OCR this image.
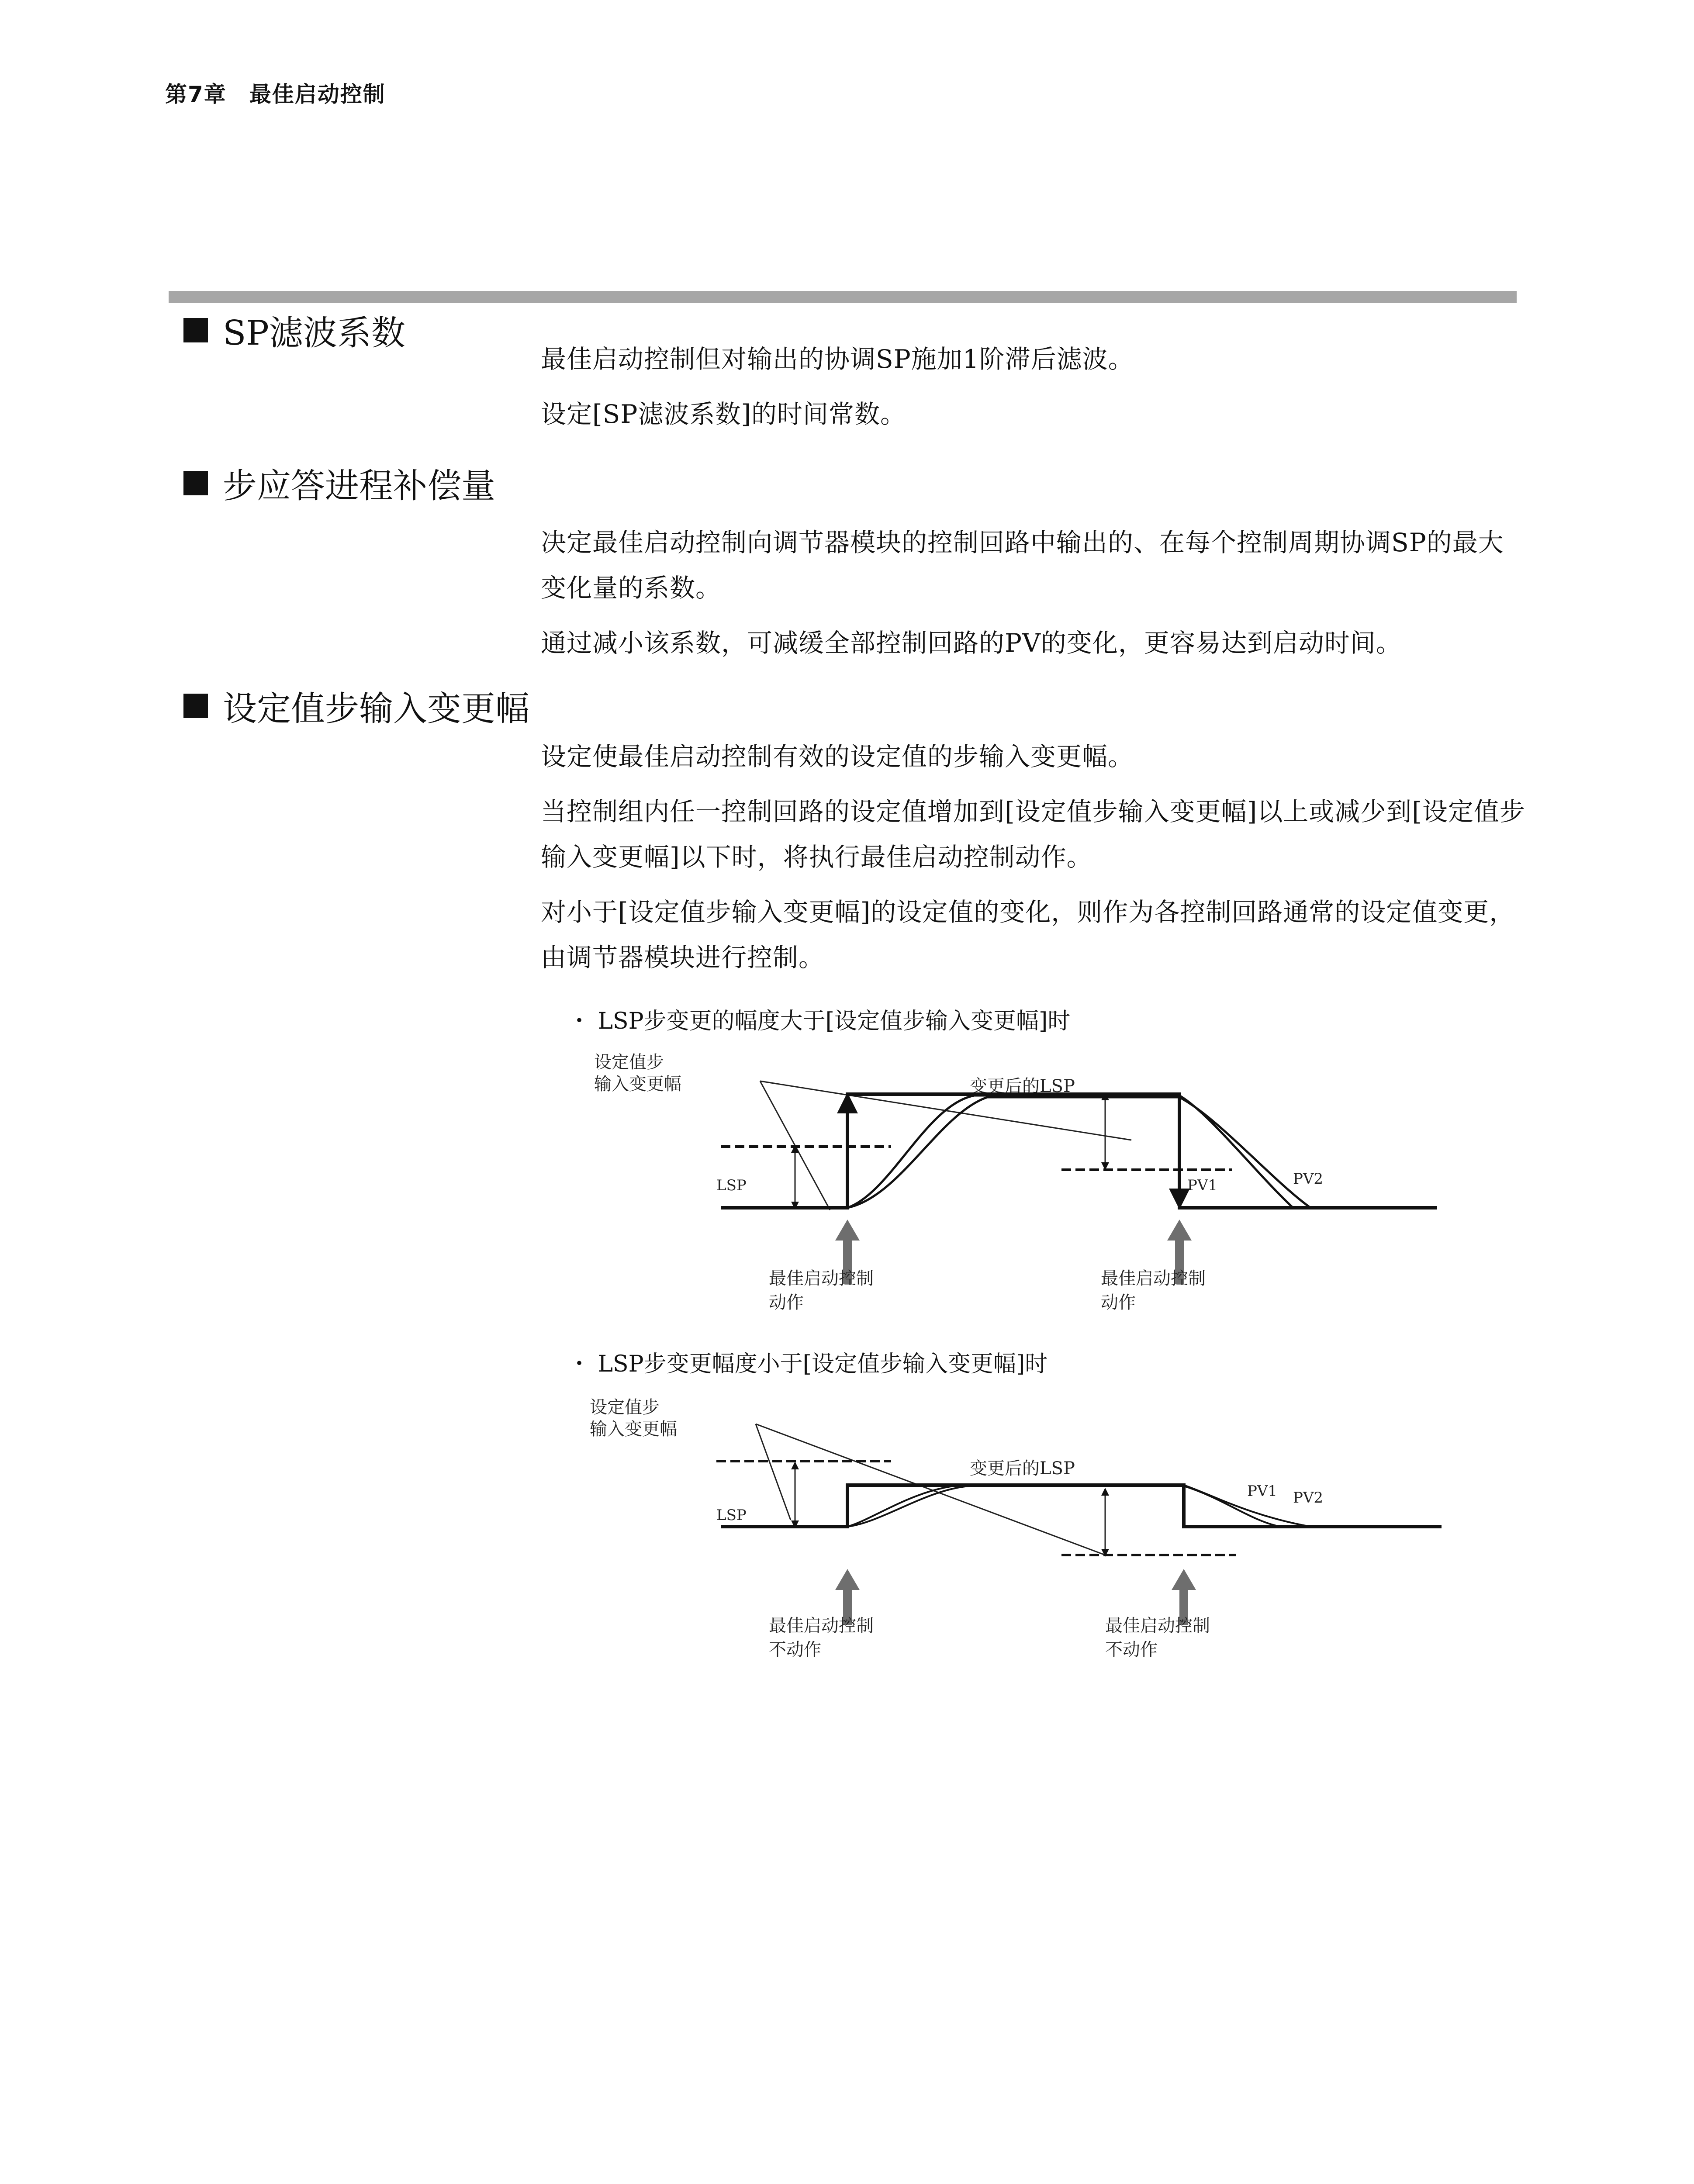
第7章　最佳启动控制
SP滤波系数

最佳启动控制但对输出的协调SP施加1阶滞后滤波。

设定[SP滤波系数]的时间常数。

步应答进程补偿量

决定最佳启动控制向调节器模块的控制回路中输出的、在每个控制周期协调SP的最大变化量的系数。

通过减小该系数，可减缓全部控制回路的PV的变化，更容易达到启动时间。

设定值步输入变更幅

设定使最佳启动控制有效的设定值的步输入变更幅。

当控制组内任一控制回路的设定值增加到[设定值步输入变更幅]以上或减少到[设定值步输入变更幅]以下时，将执行最佳启动控制动作。

对小于[设定值步输入变更幅]的设定值的变化，则作为各控制回路通常的设定值变更，由调节器模块进行控制。

・ LSP步变更的幅度大于[设定值步输入变更幅]时
设定值步
输入变更幅	变更后的LSP
LSP	PV1	PV2
最佳启动控制
动作
最佳启动控制
动作
・ LSP步变更幅度小于[设定值步输入变更幅]时
设定值步
输入变更幅
变更后的LSP
LSP
PV1 PV2
最佳启动控制
不动作
最佳启动控制
不动作
